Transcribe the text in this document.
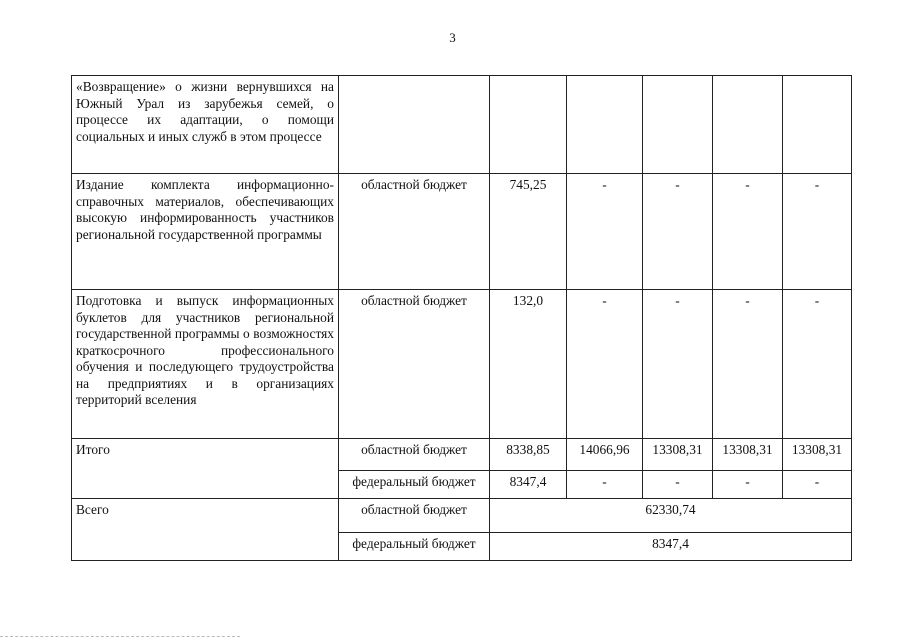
3
«Возвращение» о жизни вернувшихся на Южный Урал из зарубежья семей, о процессе их адаптации, о помощи социальных и иных служб в этом процессе						
Издание комплекта информационно-справочных материалов, обеспечивающих высокую информированность участников региональной государственной программы	областной бюджет	745,25	-	-	-	-
Подготовка и выпуск информационных буклетов для участников региональной государственной программы о возможностях краткосрочного профессионального обучения и последующего трудоустройства на предприятиях и в организациях территорий вселения	областной бюджет	132,0	-	-	-	-
Итого	областной бюджет	8338,85	14066,96	13308,31	13308,31	13308,31
	федеральный бюджет	8347,4	-	-	-	-
Всего	областной бюджет	62330,74				
	федеральный бюджет	8347,4				
